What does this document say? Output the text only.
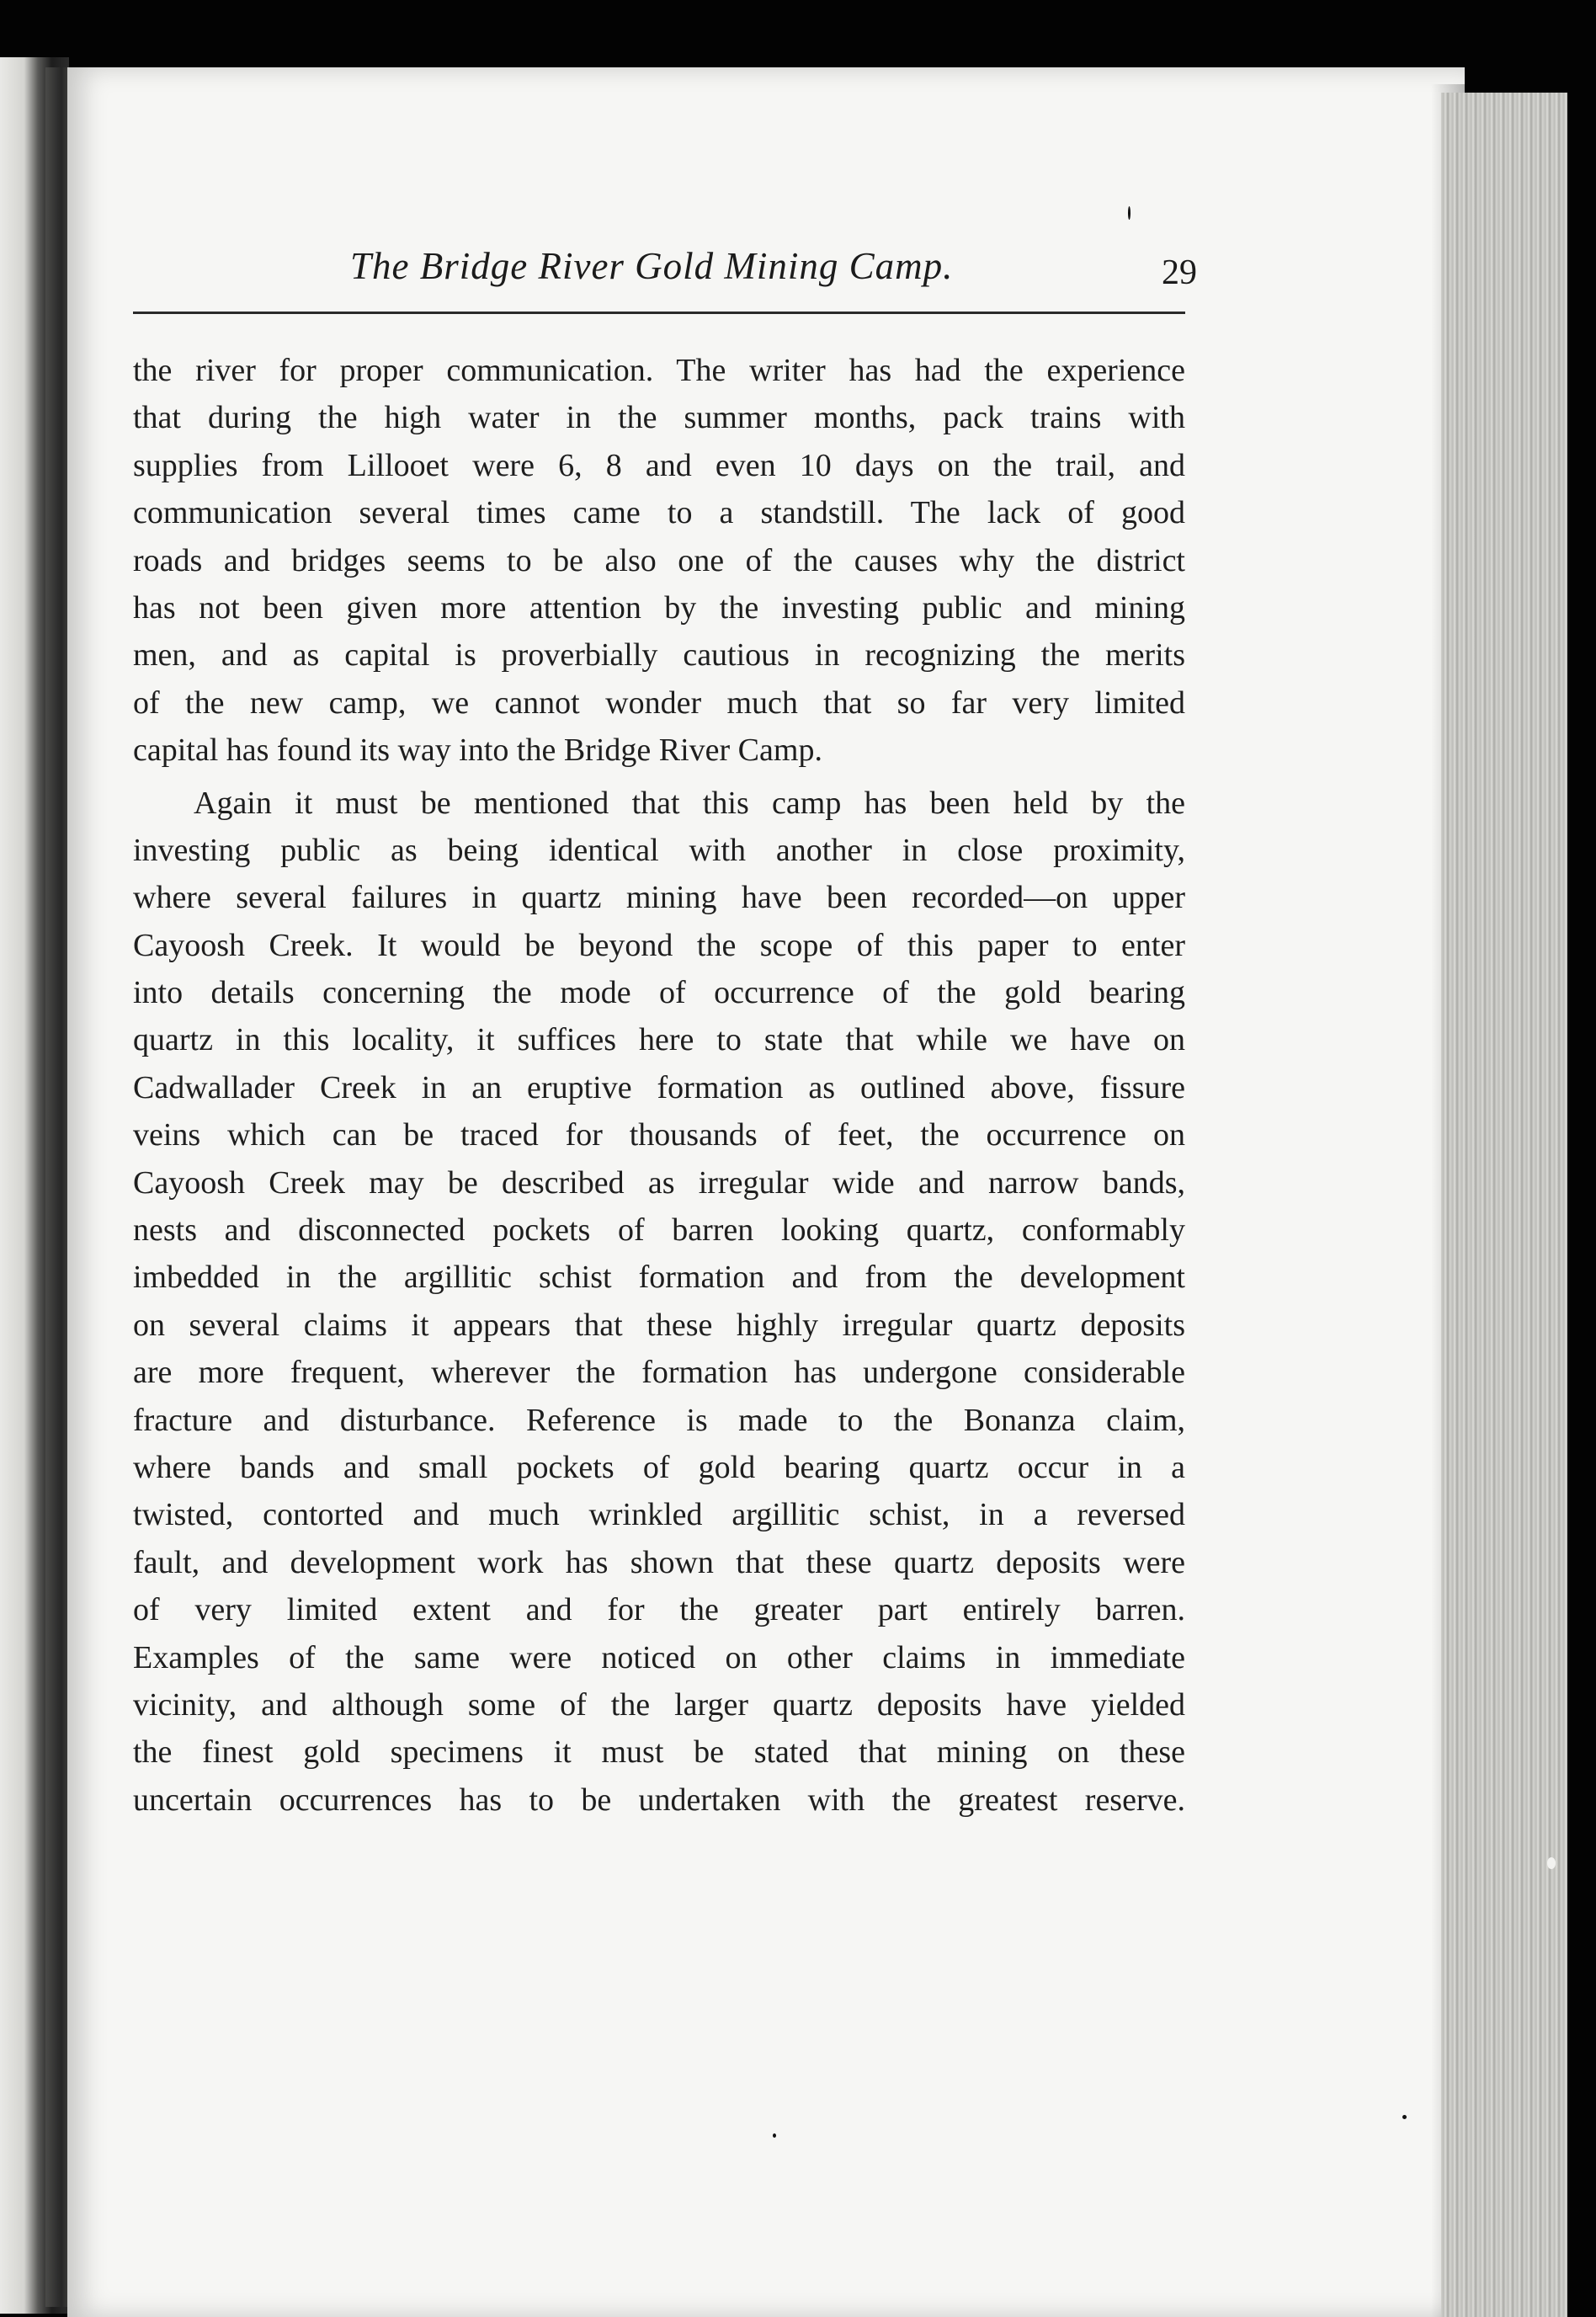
The Bridge River Gold Mining Camp.	29
the river for proper communication. The writer has had the experience
that during the high water in the summer months, pack trains with
supplies from Lillooet were 6, 8 and even 10 days on the trail, and
communication several times came to a standstill. The lack of good
roads and bridges seems to be also one of the causes why the district
has not been given more attention by the investing public and mining
men, and as capital is proverbially cautious in recognizing the merits
of the new camp, we cannot wonder much that so far very limited
capital has found its way into the Bridge River Camp.
Again it must be mentioned that this camp has been held by the
investing public as being identical with another in close proximity,
where several failures in quartz mining have been recorded—on upper
Cayoosh Creek. It would be beyond the scope of this paper to enter
into details concerning the mode of occurrence of the gold bearing
quartz in this locality, it suffices here to state that while we have on
Cadwallader Creek in an eruptive formation as outlined above, fissure
veins which can be traced for thousands of feet, the occurrence on
Cayoosh Creek may be described as irregular wide and narrow bands,
nests and disconnected pockets of barren looking quartz, conformably
imbedded in the argillitic schist formation and from the development
on several claims it appears that these highly irregular quartz deposits
are more frequent, wherever the formation has undergone considerable
fracture and disturbance. Reference is made to the Bonanza claim,
where bands and small pockets of gold bearing quartz occur in a
twisted, contorted and much wrinkled argillitic schist, in a reversed
fault, and development work has shown that these quartz deposits were
of very limited extent and for the greater part entirely barren.
Examples of the same were noticed on other claims in immediate
vicinity, and although some of the larger quartz deposits have yielded
the finest gold specimens it must be stated that mining on these
uncertain occurrences has to be undertaken with the greatest reserve.
